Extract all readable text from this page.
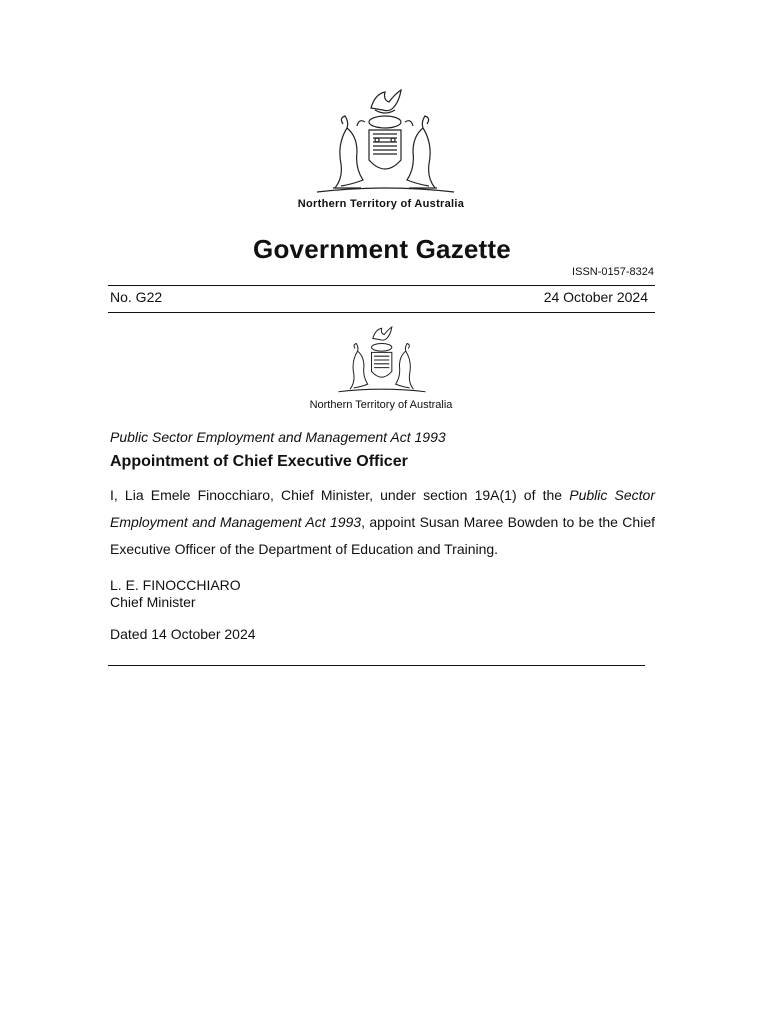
Northern Territory of Australia
Government Gazette
ISSN-0157-8324
No. G22	24 October 2024
Northern Territory of Australia
Public Sector Employment and Management Act 1993
Appointment of Chief Executive Officer
I, Lia Emele Finocchiaro, Chief Minister, under section 19A(1) of the Public Sector Employment and Management Act 1993, appoint Susan Maree Bowden to be the Chief Executive Officer of the Department of Education and Training.
L. E. FINOCCHIARO
Chief Minister
Dated 14 October 2024
